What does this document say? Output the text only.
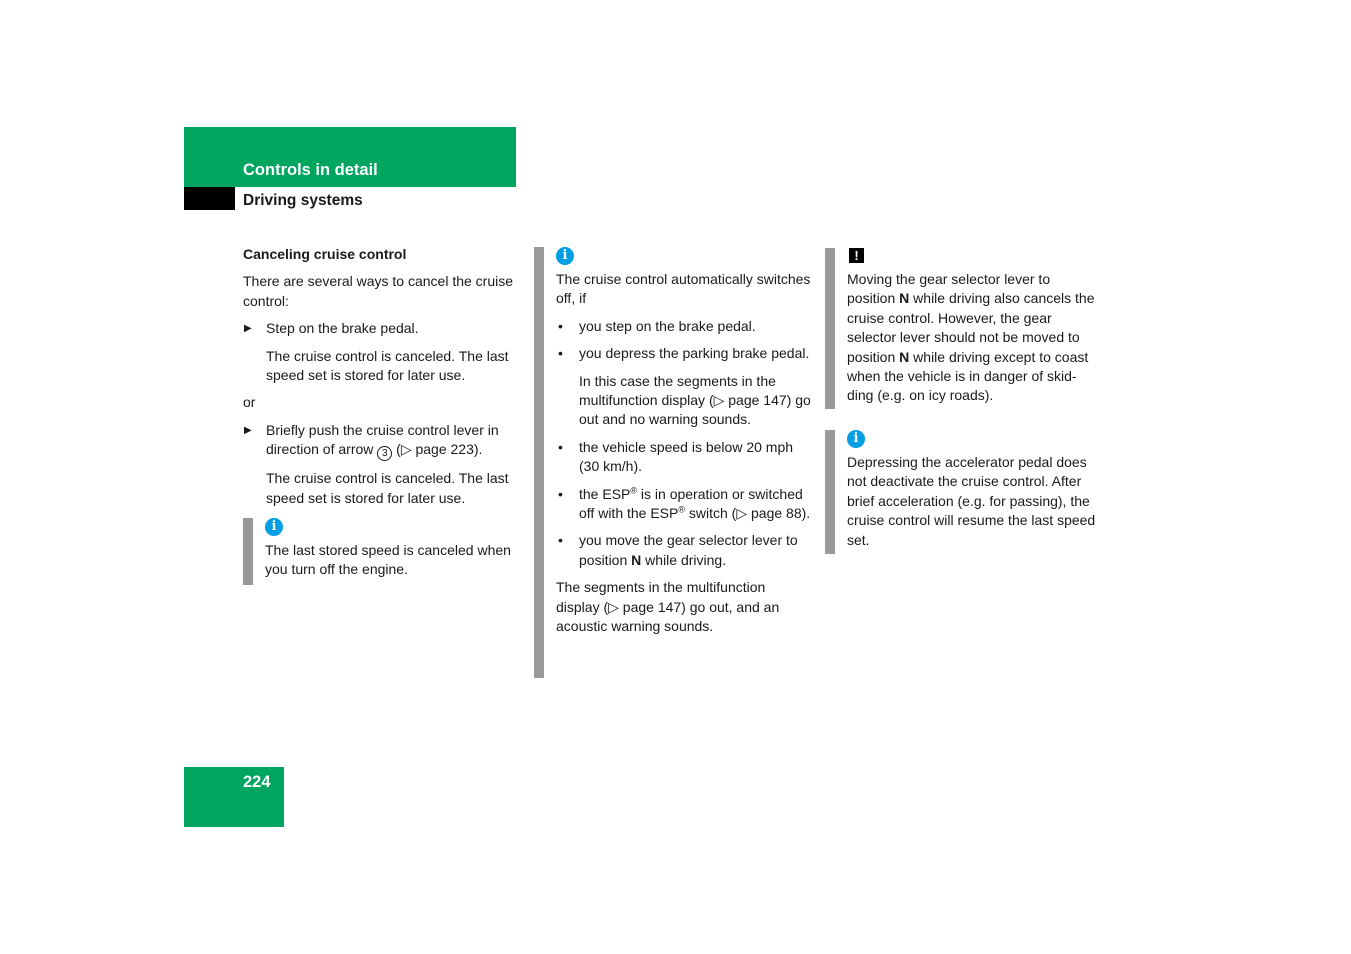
Controls in detail
Driving systems

Canceling cruise control

There are several ways to cancel the cruise control:

▶ Step on the brake pedal.

The cruise control is canceled. The last speed set is stored for later use.

or

▶ Briefly push the cruise control lever in direction of arrow 3 (▷ page 223).

The cruise control is canceled. The last speed set is stored for later use.

i

The last stored speed is canceled when you turn off the engine.

i

The cruise control automatically switches off, if

• you step on the brake pedal.

• you depress the parking brake pedal.

In this case the segments in the multifunction display (▷ page 147) go out and no warning sounds.

• the vehicle speed is below 20 mph (30 km/h).

• the ESP® is in operation or switched off with the ESP® switch (▷ page 88).

• you move the gear selector lever to position N while driving.

The segments in the multifunction display (▷ page 147) go out, and an acoustic warning sounds.

!

Moving the gear selector lever to position N while driving also cancels the cruise control. However, the gear selector lever should not be moved to position N while driving except to coast when the vehicle is in danger of skid-ding (e.g. on icy roads).

i

Depressing the accelerator pedal does not deactivate the cruise control. After brief acceleration (e.g. for passing), the cruise control will resume the last speed set.

224
